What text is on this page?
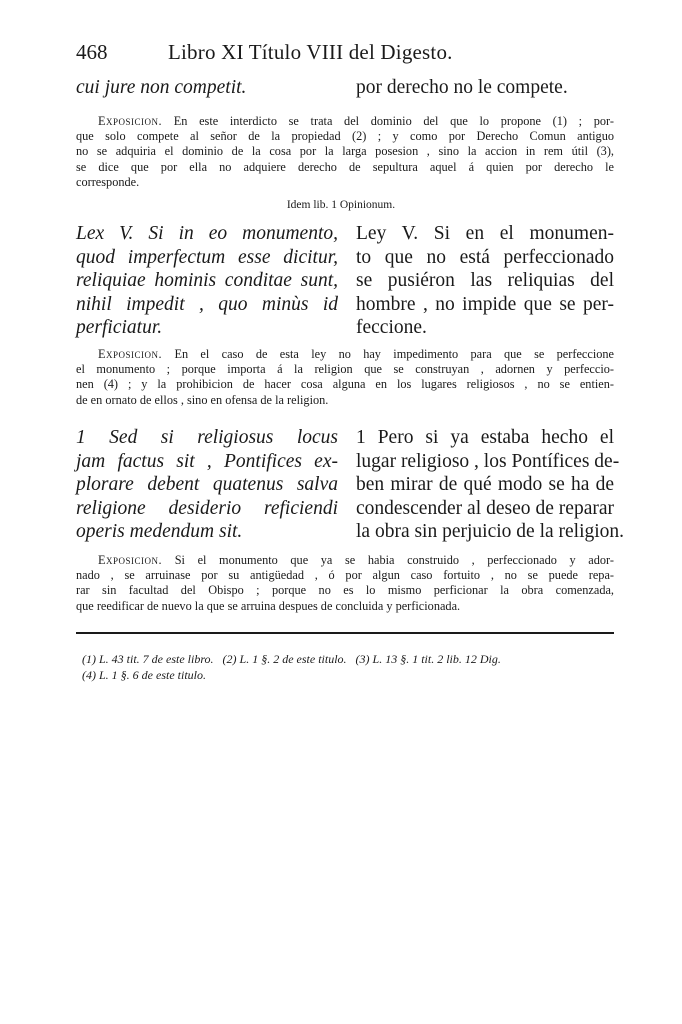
468	Libro XI Título VIII del Digesto.
cui jure non competit.	por derecho no le compete.
Exposicion. En este interdicto se trata del dominio del que lo propone (1) ; por-
que solo compete al señor de la propiedad (2) ; y como por Derecho Comun antiguo
no se adquiria el dominio de la cosa por la larga posesion , sino la accion in rem útil (3),
se dice que por ella no adquiere derecho de sepultura aquel á quien por derecho le
corresponde.
Idem lib. 1 Opinionum.
Lex V. Si in eo monumento,
quod imperfectum esse dicitur,
reliquiae hominis conditae sunt,
nihil impedit , quo minùs id
perficiatur.
Ley V. Si en el monumen-
to que no está perfeccionado
se pusiéron las reliquias del
hombre , no impide que se per-
feccione.
Exposicion. En el caso de esta ley no hay impedimento para que se perfeccione
el monumento ; porque importa á la religion que se construyan , adornen y perfeccio-
nen (4) ; y la prohibicion de hacer cosa alguna en los lugares religiosos , no se entien-
de en ornato de ellos , sino en ofensa de la religion.
1 Sed si religiosus locus
jam factus sit , Pontifices ex-
plorare debent quatenus salva
religione desiderio reficiendi
operis medendum sit.
1 Pero si ya estaba hecho el
lugar religioso , los Pontífices de-
ben mirar de qué modo se ha de
condescender al deseo de reparar
la obra sin perjuicio de la religion.
Exposicion. Si el monumento que ya se habia construido , perfeccionado y ador-
nado , se arruinase por su antigüedad , ó por algun caso fortuito , no se puede repa-
rar sin facultad del Obispo ; porque no es lo mismo perficionar la obra comenzada,
que reedificar de nuevo la que se arruina despues de concluida y perficionada.
(1) L. 43 tit. 7 de este libro.   (2) L. 1 §. 2 de este titulo.   (3) L. 13 §. 1 tit. 2 lib. 12 Dig.
(4) L. 1 §. 6 de este titulo.
